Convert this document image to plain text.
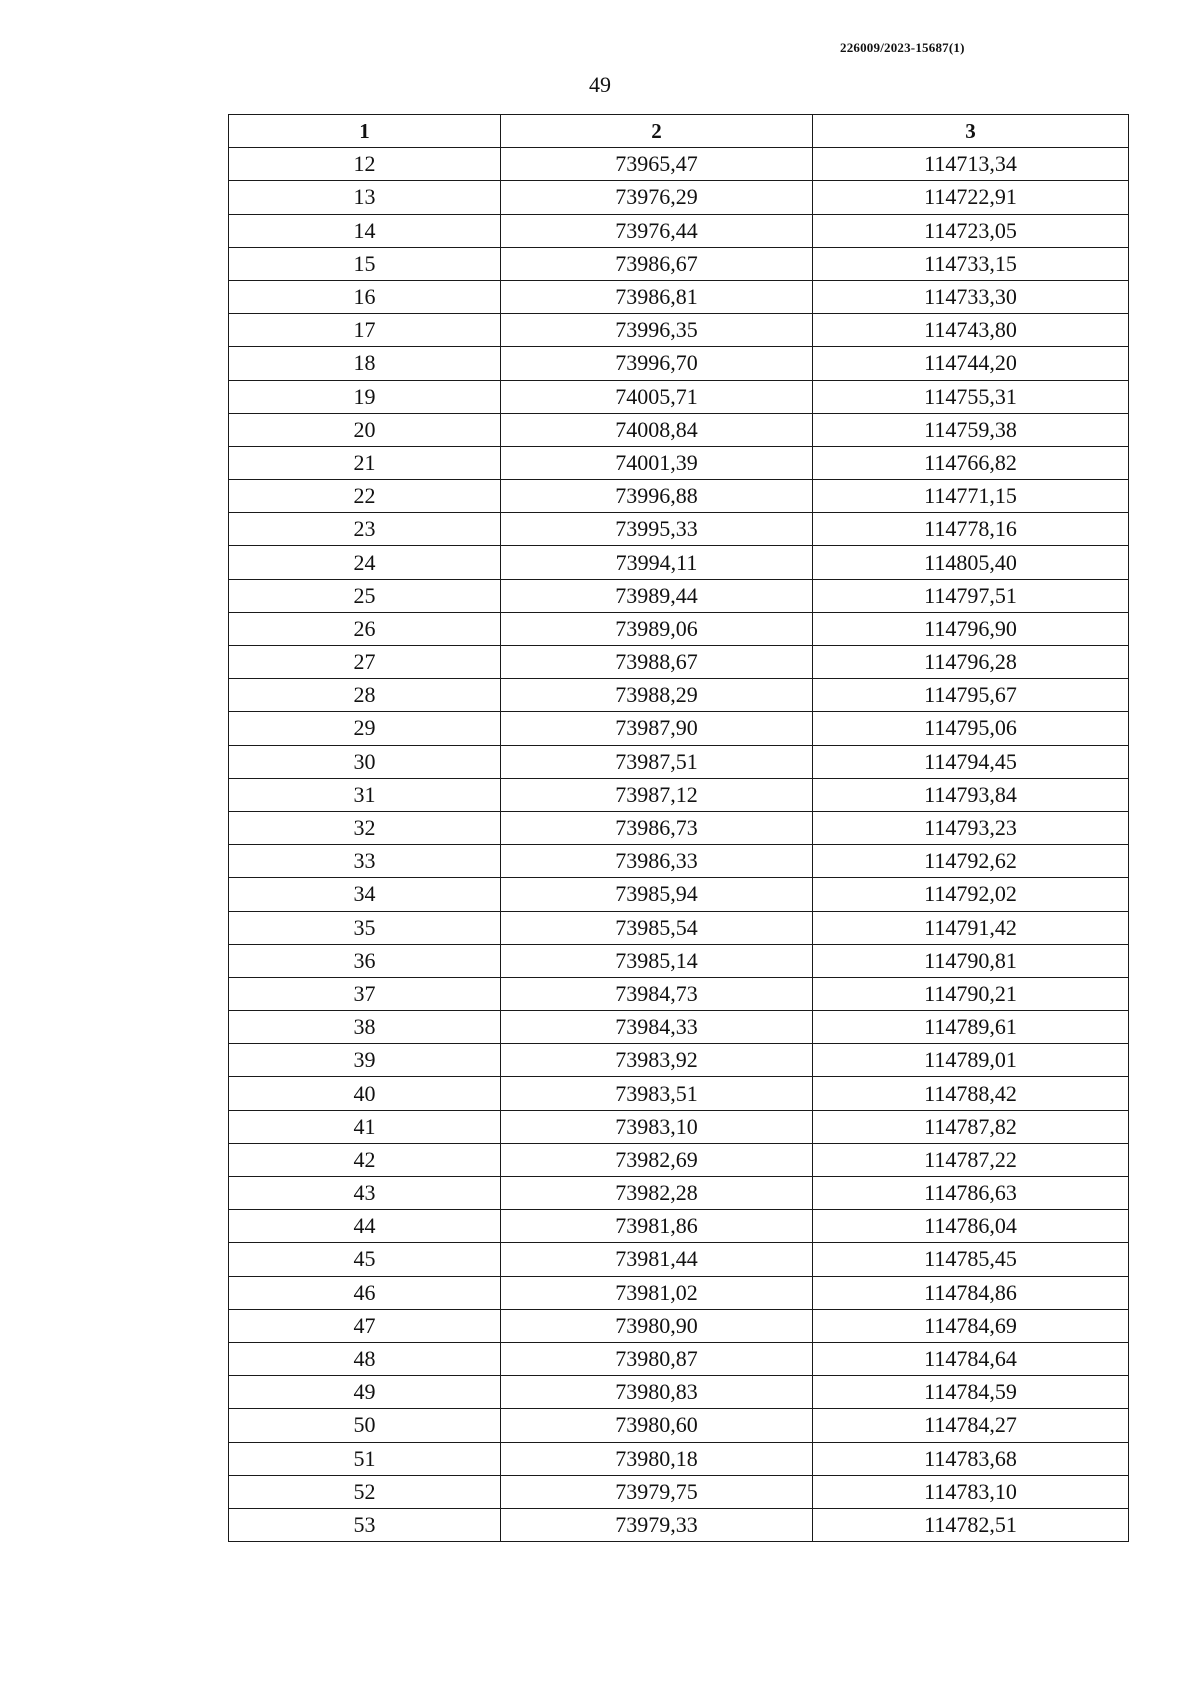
226009/2023-15687(1)
49
1	2	3
12	73965,47	114713,34
13	73976,29	114722,91
14	73976,44	114723,05
15	73986,67	114733,15
16	73986,81	114733,30
17	73996,35	114743,80
18	73996,70	114744,20
19	74005,71	114755,31
20	74008,84	114759,38
21	74001,39	114766,82
22	73996,88	114771,15
23	73995,33	114778,16
24	73994,11	114805,40
25	73989,44	114797,51
26	73989,06	114796,90
27	73988,67	114796,28
28	73988,29	114795,67
29	73987,90	114795,06
30	73987,51	114794,45
31	73987,12	114793,84
32	73986,73	114793,23
33	73986,33	114792,62
34	73985,94	114792,02
35	73985,54	114791,42
36	73985,14	114790,81
37	73984,73	114790,21
38	73984,33	114789,61
39	73983,92	114789,01
40	73983,51	114788,42
41	73983,10	114787,82
42	73982,69	114787,22
43	73982,28	114786,63
44	73981,86	114786,04
45	73981,44	114785,45
46	73981,02	114784,86
47	73980,90	114784,69
48	73980,87	114784,64
49	73980,83	114784,59
50	73980,60	114784,27
51	73980,18	114783,68
52	73979,75	114783,10
53	73979,33	114782,51
